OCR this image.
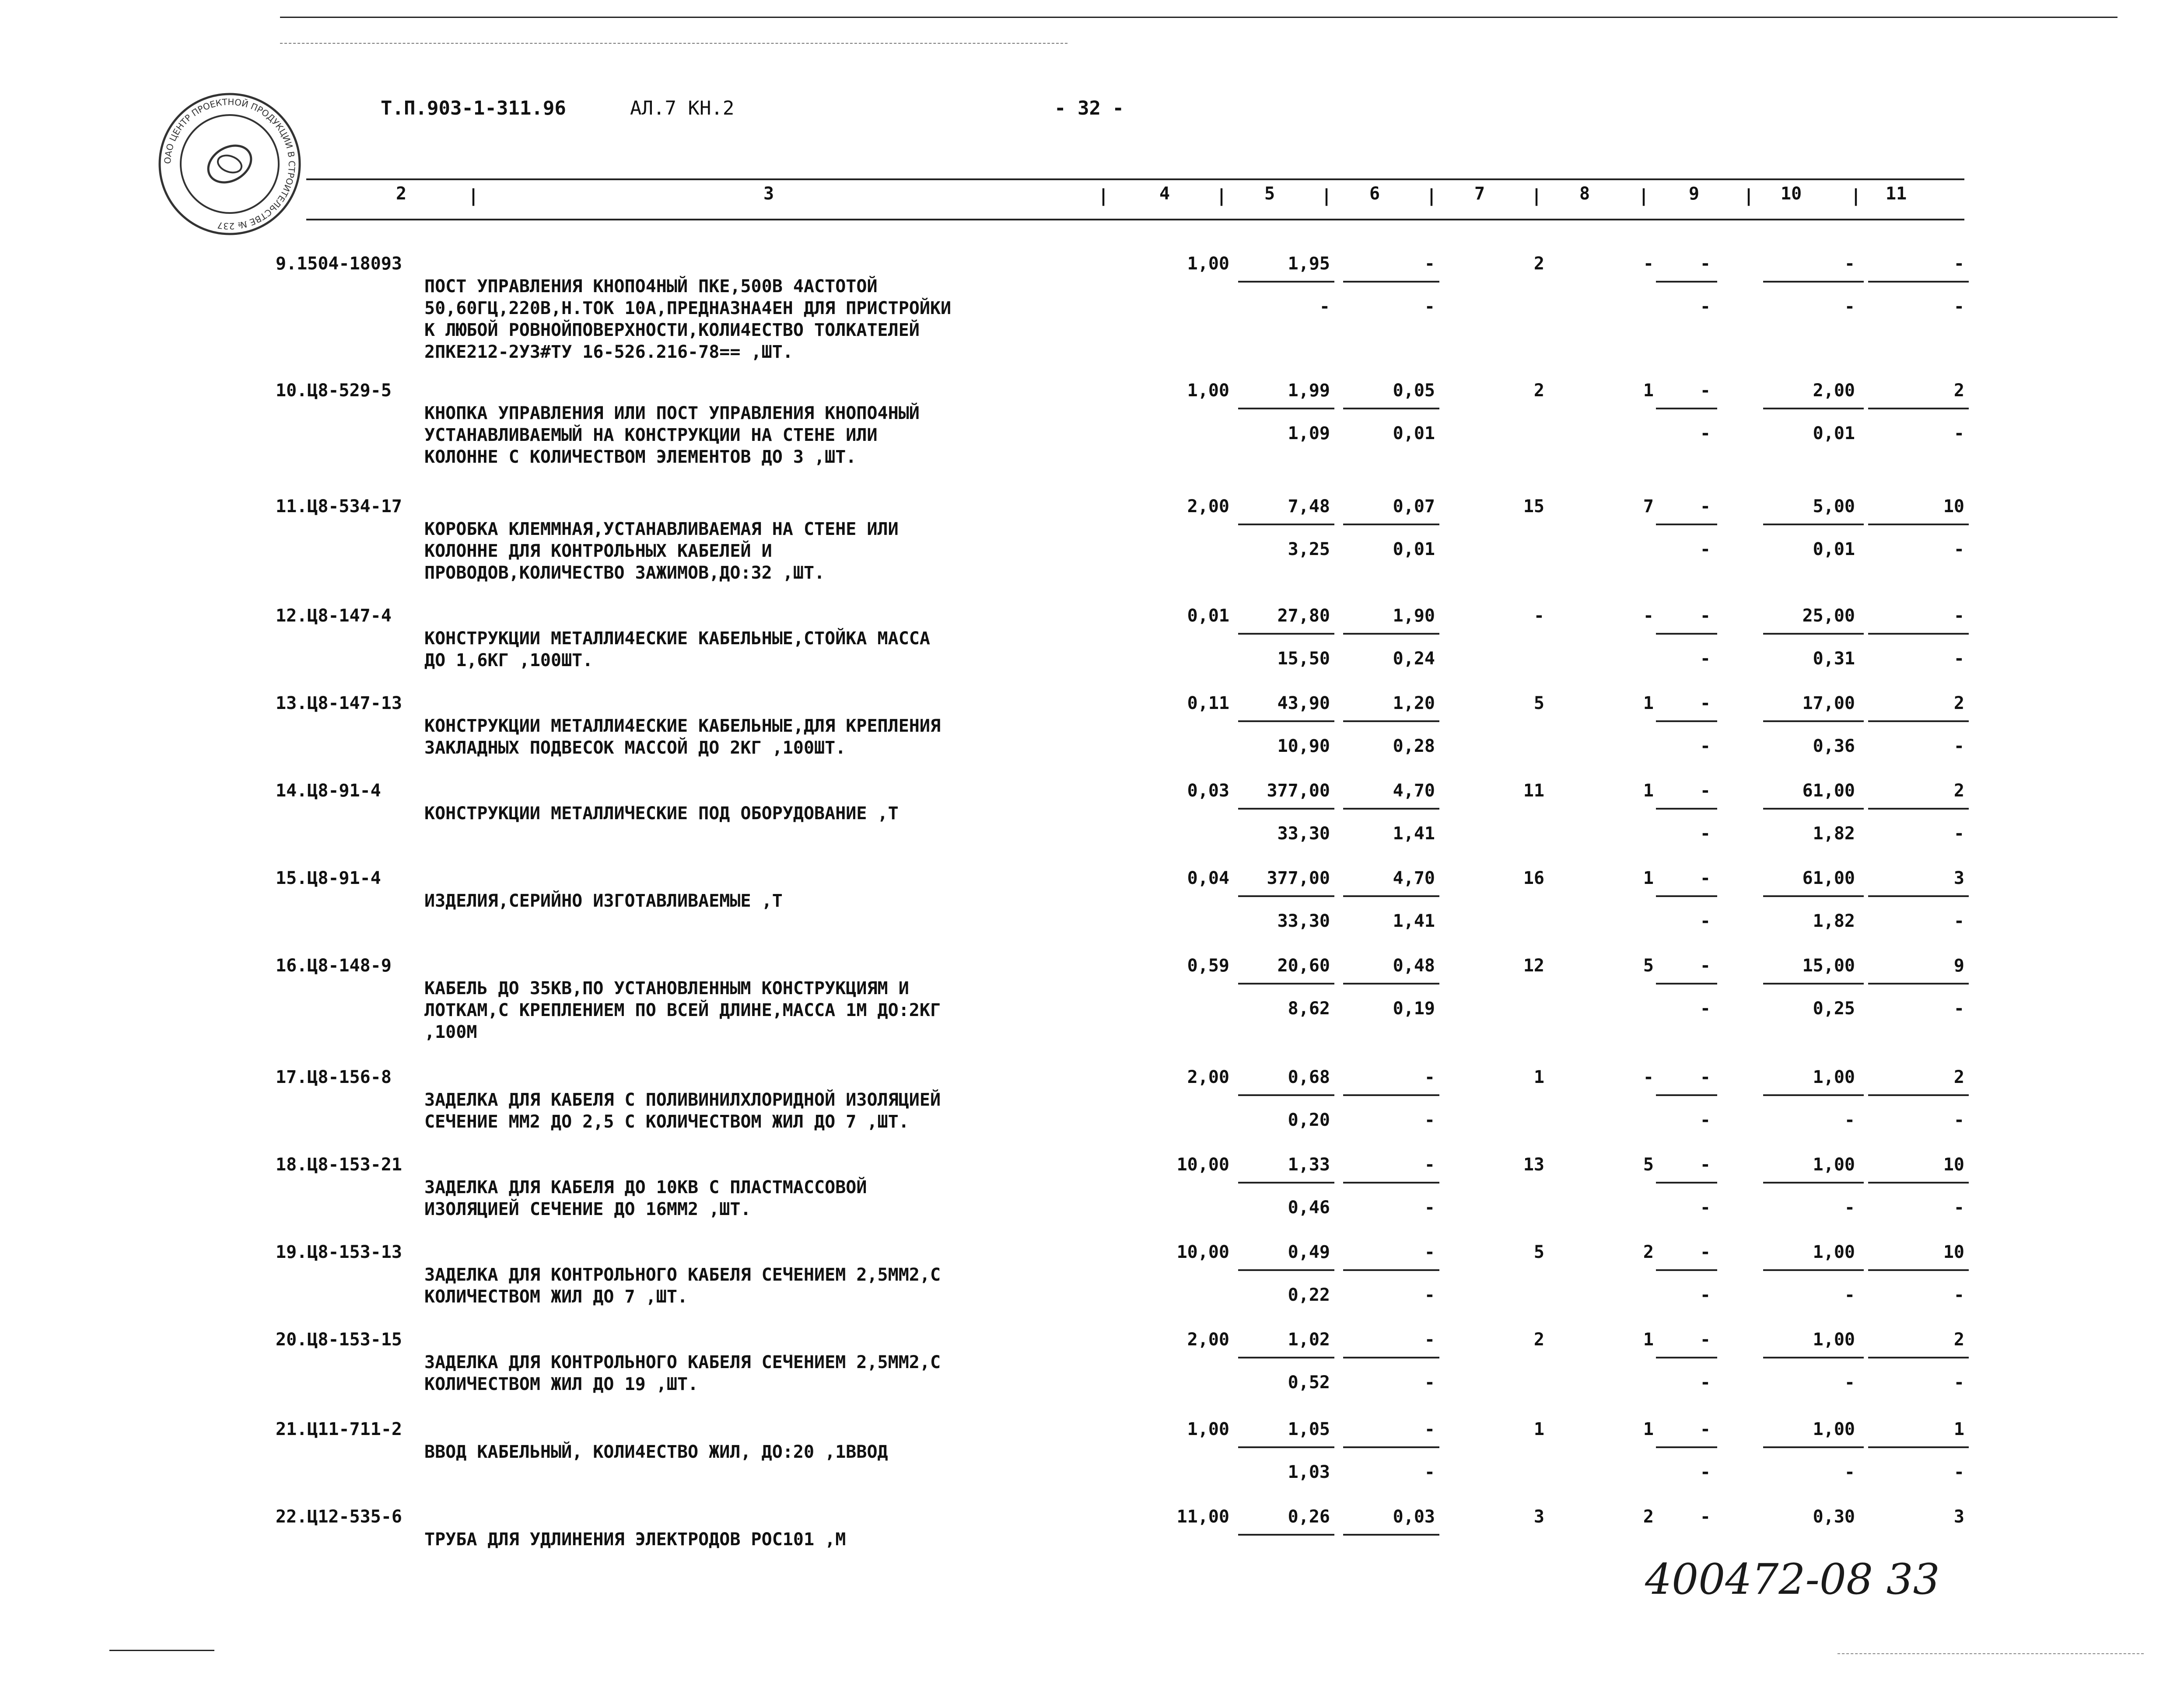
Т.П.903-1-311.96	АЛ.7 КН.2	- 32 -
ОАО ЦЕНТР ПРОЕКТНОЙ ПРОДУКЦИИ В СТРОИТЕЛЬСТВЕ № 237
2	|	3	|	4	| 5	| 6	| 7	| 8	| 9	| 10	| 11
9.1504-18093
ПОСТ УПРАВЛЕНИЯ КНОПО4НЫЙ ПКЕ,500В 4АСТОТОЙ
50,60ГЦ,220В,Н.ТОК 10А,ПРЕДНАЗНА4ЕН ДЛЯ ПРИСТРОЙКИ
К ЛЮБОЙ РОВНОЙПОВЕРХНОСТИ,КОЛИ4ЕСТВО ТОЛКАТЕЛЕЙ
2ПКЕ212-2У3#ТУ 16-526.216-78== ,ШТ.
1,00	1,95	-	2	-	-	-	-
-	-	-	-	-
10.Ц8-529-5
КНОПКА УПРАВЛЕНИЯ ИЛИ ПОСТ УПРАВЛЕНИЯ КНОПО4НЫЙ
УСТАНАВЛИВАЕМЫЙ НА КОНСТРУКЦИИ НА СТЕНЕ ИЛИ
КОЛОННЕ С КОЛИЧЕСТВОМ ЭЛЕМЕНТОВ ДО 3 ,ШТ.
1,00	1,99	0,05	2	1	-	2,00	2
1,09	0,01	-	0,01	-
11.Ц8-534-17
КОРОБКА КЛЕММНАЯ,УСТАНАВЛИВАЕМАЯ НА СТЕНЕ ИЛИ
КОЛОННЕ ДЛЯ КОНТРОЛЬНЫХ КАБЕЛЕЙ И
ПРОВОДОВ,КОЛИЧЕСТВО ЗАЖИМОВ,ДО:32 ,ШТ.
2,00	7,48	0,07	15	7	-	5,00	10
3,25	0,01	-	0,01	-
12.Ц8-147-4
КОНСТРУКЦИИ МЕТАЛЛИ4ЕСКИЕ КАБЕЛЬНЫЕ,СТОЙКА МАССА
ДО 1,6КГ ,100ШТ.
0,01	27,80	1,90	-	-	-	25,00	-
15,50	0,24	-	0,31	-
13.Ц8-147-13
КОНСТРУКЦИИ МЕТАЛЛИ4ЕСКИЕ КАБЕЛЬНЫЕ,ДЛЯ КРЕПЛЕНИЯ
ЗАКЛАДНЫХ ПОДВЕСОК МАССОЙ ДО 2КГ ,100ШТ.
0,11	43,90	1,20	5	1	-	17,00	2
10,90	0,28	-	0,36	-
14.Ц8-91-4
КОНСТРУКЦИИ МЕТАЛЛИЧЕСКИЕ ПОД ОБОРУДОВАНИЕ ,Т
0,03	377,00	4,70	11	1	-	61,00	2
33,30	1,41	-	1,82	-
15.Ц8-91-4
ИЗДЕЛИЯ,СЕРИЙНО ИЗГОТАВЛИВАЕМЫЕ ,Т
0,04	377,00	4,70	16	1	-	61,00	3
33,30	1,41	-	1,82	-
16.Ц8-148-9
КАБЕЛЬ ДО 35КВ,ПО УСТАНОВЛЕННЫМ КОНСТРУКЦИЯМ И
ЛОТКАМ,С КРЕПЛЕНИЕМ ПО ВСЕЙ ДЛИНЕ,МАССА 1М ДО:2КГ
,100М
0,59	20,60	0,48	12	5	-	15,00	9
8,62	0,19	-	0,25	-
17.Ц8-156-8
ЗАДЕЛКА ДЛЯ КАБЕЛЯ С ПОЛИВИНИЛХЛОРИДНОЙ ИЗОЛЯЦИЕЙ
СЕЧЕНИЕ ММ2 ДО 2,5 С КОЛИЧЕСТВОМ ЖИЛ ДО 7 ,ШТ.
2,00	0,68	-	1	-	-	1,00	2
0,20	-	-	-	-
18.Ц8-153-21
ЗАДЕЛКА ДЛЯ КАБЕЛЯ ДО 10КВ С ПЛАСТМАССОВОЙ
ИЗОЛЯЦИЕЙ СЕЧЕНИЕ ДО 16ММ2 ,ШТ.
10,00	1,33	-	13	5	-	1,00	10
0,46	-	-	-	-
19.Ц8-153-13
ЗАДЕЛКА ДЛЯ КОНТРОЛЬНОГО КАБЕЛЯ СЕЧЕНИЕМ 2,5ММ2,С
КОЛИЧЕСТВОМ ЖИЛ ДО 7 ,ШТ.
10,00	0,49	-	5	2	-	1,00	10
0,22	-	-	-	-
20.Ц8-153-15
ЗАДЕЛКА ДЛЯ КОНТРОЛЬНОГО КАБЕЛЯ СЕЧЕНИЕМ 2,5ММ2,С
КОЛИЧЕСТВОМ ЖИЛ ДО 19 ,ШТ.
2,00	1,02	-	2	1	-	1,00	2
0,52	-	-	-	-
21.Ц11-711-2
ВВОД КАБЕЛЬНЫЙ, КОЛИ4ЕСТВО ЖИЛ, ДО:20 ,1ВВОД
1,00	1,05	-	1	1	-	1,00	1
1,03	-	-	-	-
22.Ц12-535-6
ТРУБА ДЛЯ УДЛИНЕНИЯ ЭЛЕКТРОДОВ РОС101 ,М
11,00	0,26	0,03	3	2	-	0,30	3
400472-08 33
